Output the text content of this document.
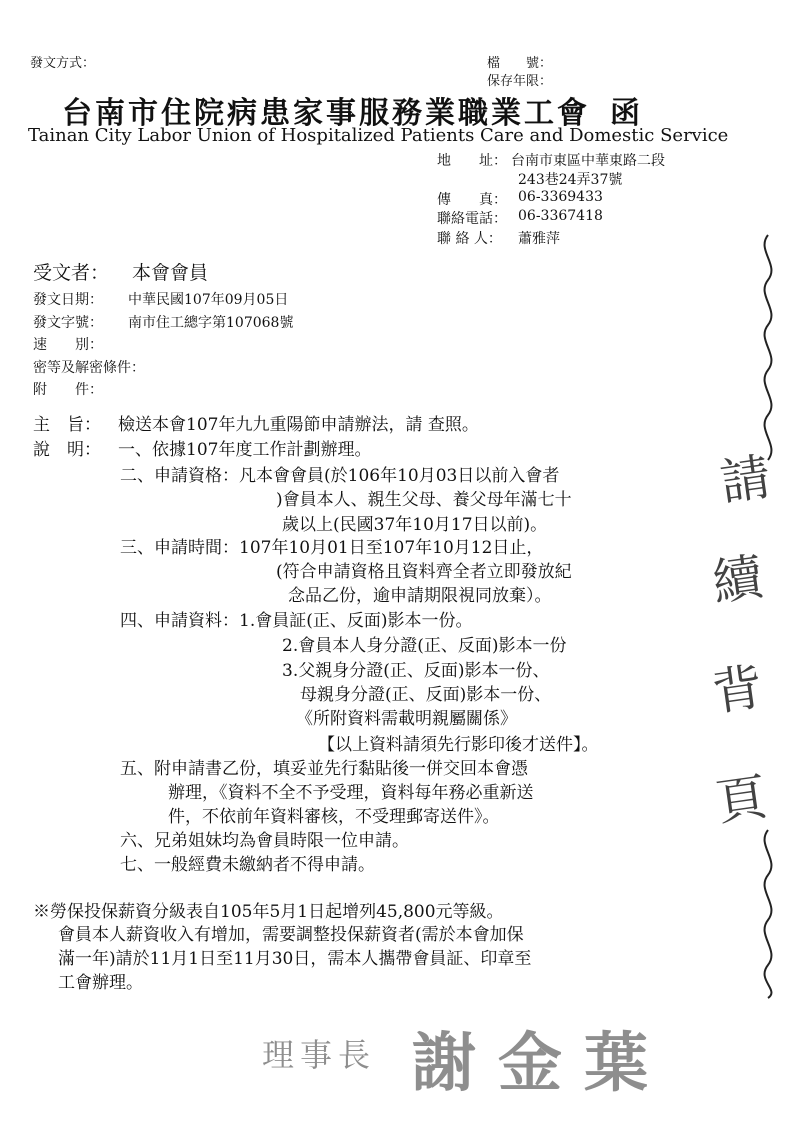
發文方式：	檔　　號：
保存年限：
台南市住院病患家事服務業職業工會 函
Tainan City Labor Union of Hospitalized Patients Care and Domestic Service
地　　址： 台南市東區中華東路二段
243巷24弄37號
傳　　真： 06-3369433
聯絡電話： 06-3367418
聯 絡 人： 蕭雅萍
受文者： 本會會員
發文日期： 中華民國107年09月05日
發文字號： 南市住工總字第107068號
速　　別：
密等及解密條件：
附　　件：
主　旨： 檢送本會107年九九重陽節申請辦法，請 查照。
說　明： 一、依據107年度工作計劃辦理。
二、申請資格：凡本會會員(於106年10月03日以前入會者
)會員本人、親生父母、養父母年滿七十
歲以上(民國37年10月17日以前)。
三、申請時間：107年10月01日至107年10月12日止，
(符合申請資格且資料齊全者立即發放紀
念品乙份，逾申請期限視同放棄）。
四、申請資料：1.會員証(正、反面)影本一份。
2.會員本人身分證(正、反面)影本一份
3.父親身分證(正、反面)影本一份、
母親身分證(正、反面)影本一份、
《所附資料需載明親屬關係》
【以上資料請須先行影印後才送件】。
五、附申請書乙份，填妥並先行黏貼後一併交回本會憑
辦理，《資料不全不予受理，資料每年務必重新送
件，不依前年資料審核，不受理郵寄送件》。
六、兄弟姐妹均為會員時限一位申請。
七、一般經費未繳納者不得申請。
※勞保投保薪資分級表自105年5月1日起增列45,800元等級。
會員本人薪資收入有增加，需要調整投保薪資者(需於本會加保
滿一年)請於11月1日至11月30日，需本人攜帶會員証、印章至
工會辦理。
請
續
背
頁
理事長 謝金葉
